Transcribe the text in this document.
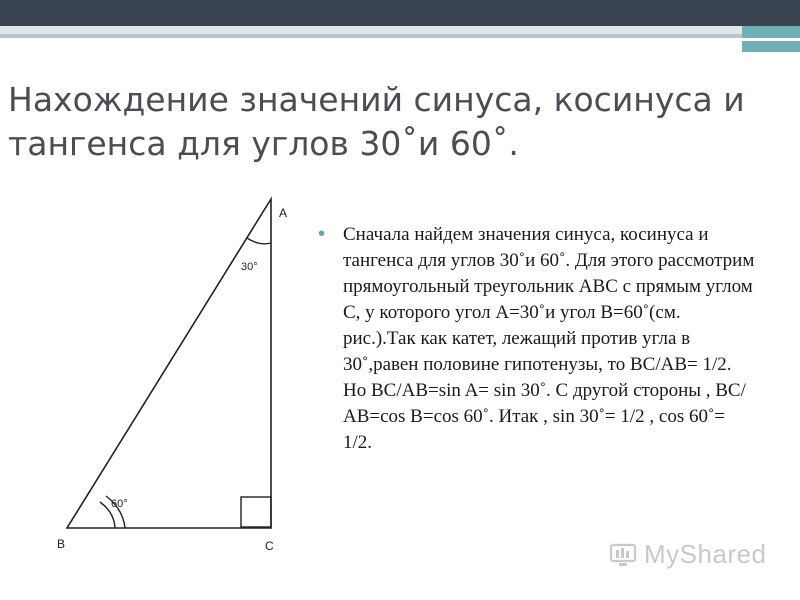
Нахождение значений синуса, косинуса и тангенса для углов 30˚и 60˚.
A
30°
60°
B	C
• Сначала найдем значения синуса, косинуса и тангенса для углов 30˚и 60˚. Для этого рассмотрим прямоугольный треугольник АВС с прямым углом С, у которого угол А=30˚и угол В=60˚(см. рис.).Так как катет, лежащий против угла в 30˚,равен половине гипотенузы, то ВС/АВ= 1/2. Но ВС/АВ=sin A= sin 30˚. С другой стороны , ВС/АВ=cos B=cos 60˚. Итак , sin 30˚= 1/2 , cos 60˚= 1/2.

MyShared
